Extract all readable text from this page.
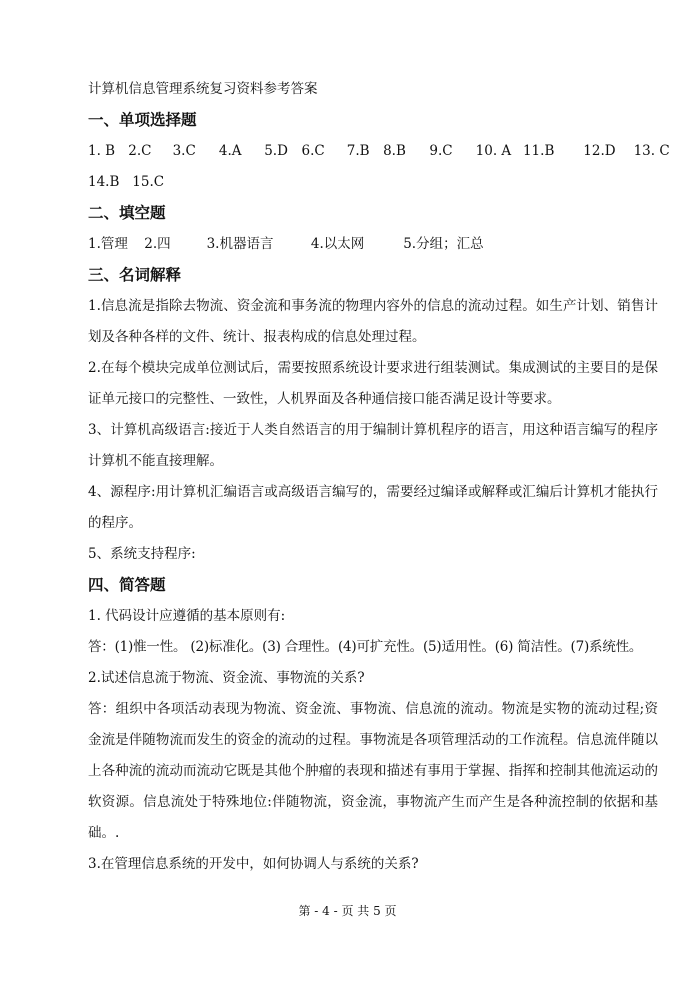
计算机信息管理系统复习资料参考答案
一、单项选择题
1. B 2.C 3.C 4.A 5.D 6.C 7.B 8.B 9.C 10. A 11.B 12.D 13. C
14.B 15.C
二、填空题
1.管理 2.四	3.机器语言	4.以太网	5.分组；汇总
三、名词解释
1.信息流是指除去物流、资金流和事务流的物理内容外的信息的流动过程。如生产计划、销售计划及各种各样的文件、统计、报表构成的信息处理过程。
2.在每个模块完成单位测试后，需要按照系统设计要求进行组装测试。集成测试的主要目的是保证单元接口的完整性、一致性，人机界面及各种通信接口能否满足设计等要求。
3、计算机高级语言:接近于人类自然语言的用于编制计算机程序的语言，用这种语言编写的程序计算机不能直接理解。
4、源程序:用计算机汇编语言或高级语言编写的，需要经过编译或解释或汇编后计算机才能执行的程序。
5、系统支持程序:
四、简答题
1. 代码设计应遵循的基本原则有:
答：(1)惟一性。 (2)标准化。(3) 合理性。(4)可扩充性。(5)适用性。(6) 简洁性。(7)系统性。
2.试述信息流于物流、资金流、事物流的关系?
答：组织中各项活动表现为物流、资金流、事物流、信息流的流动。物流是实物的流动过程;资金流是伴随物流而发生的资金的流动的过程。事物流是各项管理活动的工作流程。信息流伴随以上各种流的流动而流动它既是其他个肿瘤的表现和描述有事用于掌握、指挥和控制其他流运动的软资源。信息流处于特殊地位:伴随物流，资金流，事物流产生而产生是各种流控制的依据和基础。.
3.在管理信息系统的开发中，如何协调人与系统的关系?
第 - 4 - 页 共 5 页
